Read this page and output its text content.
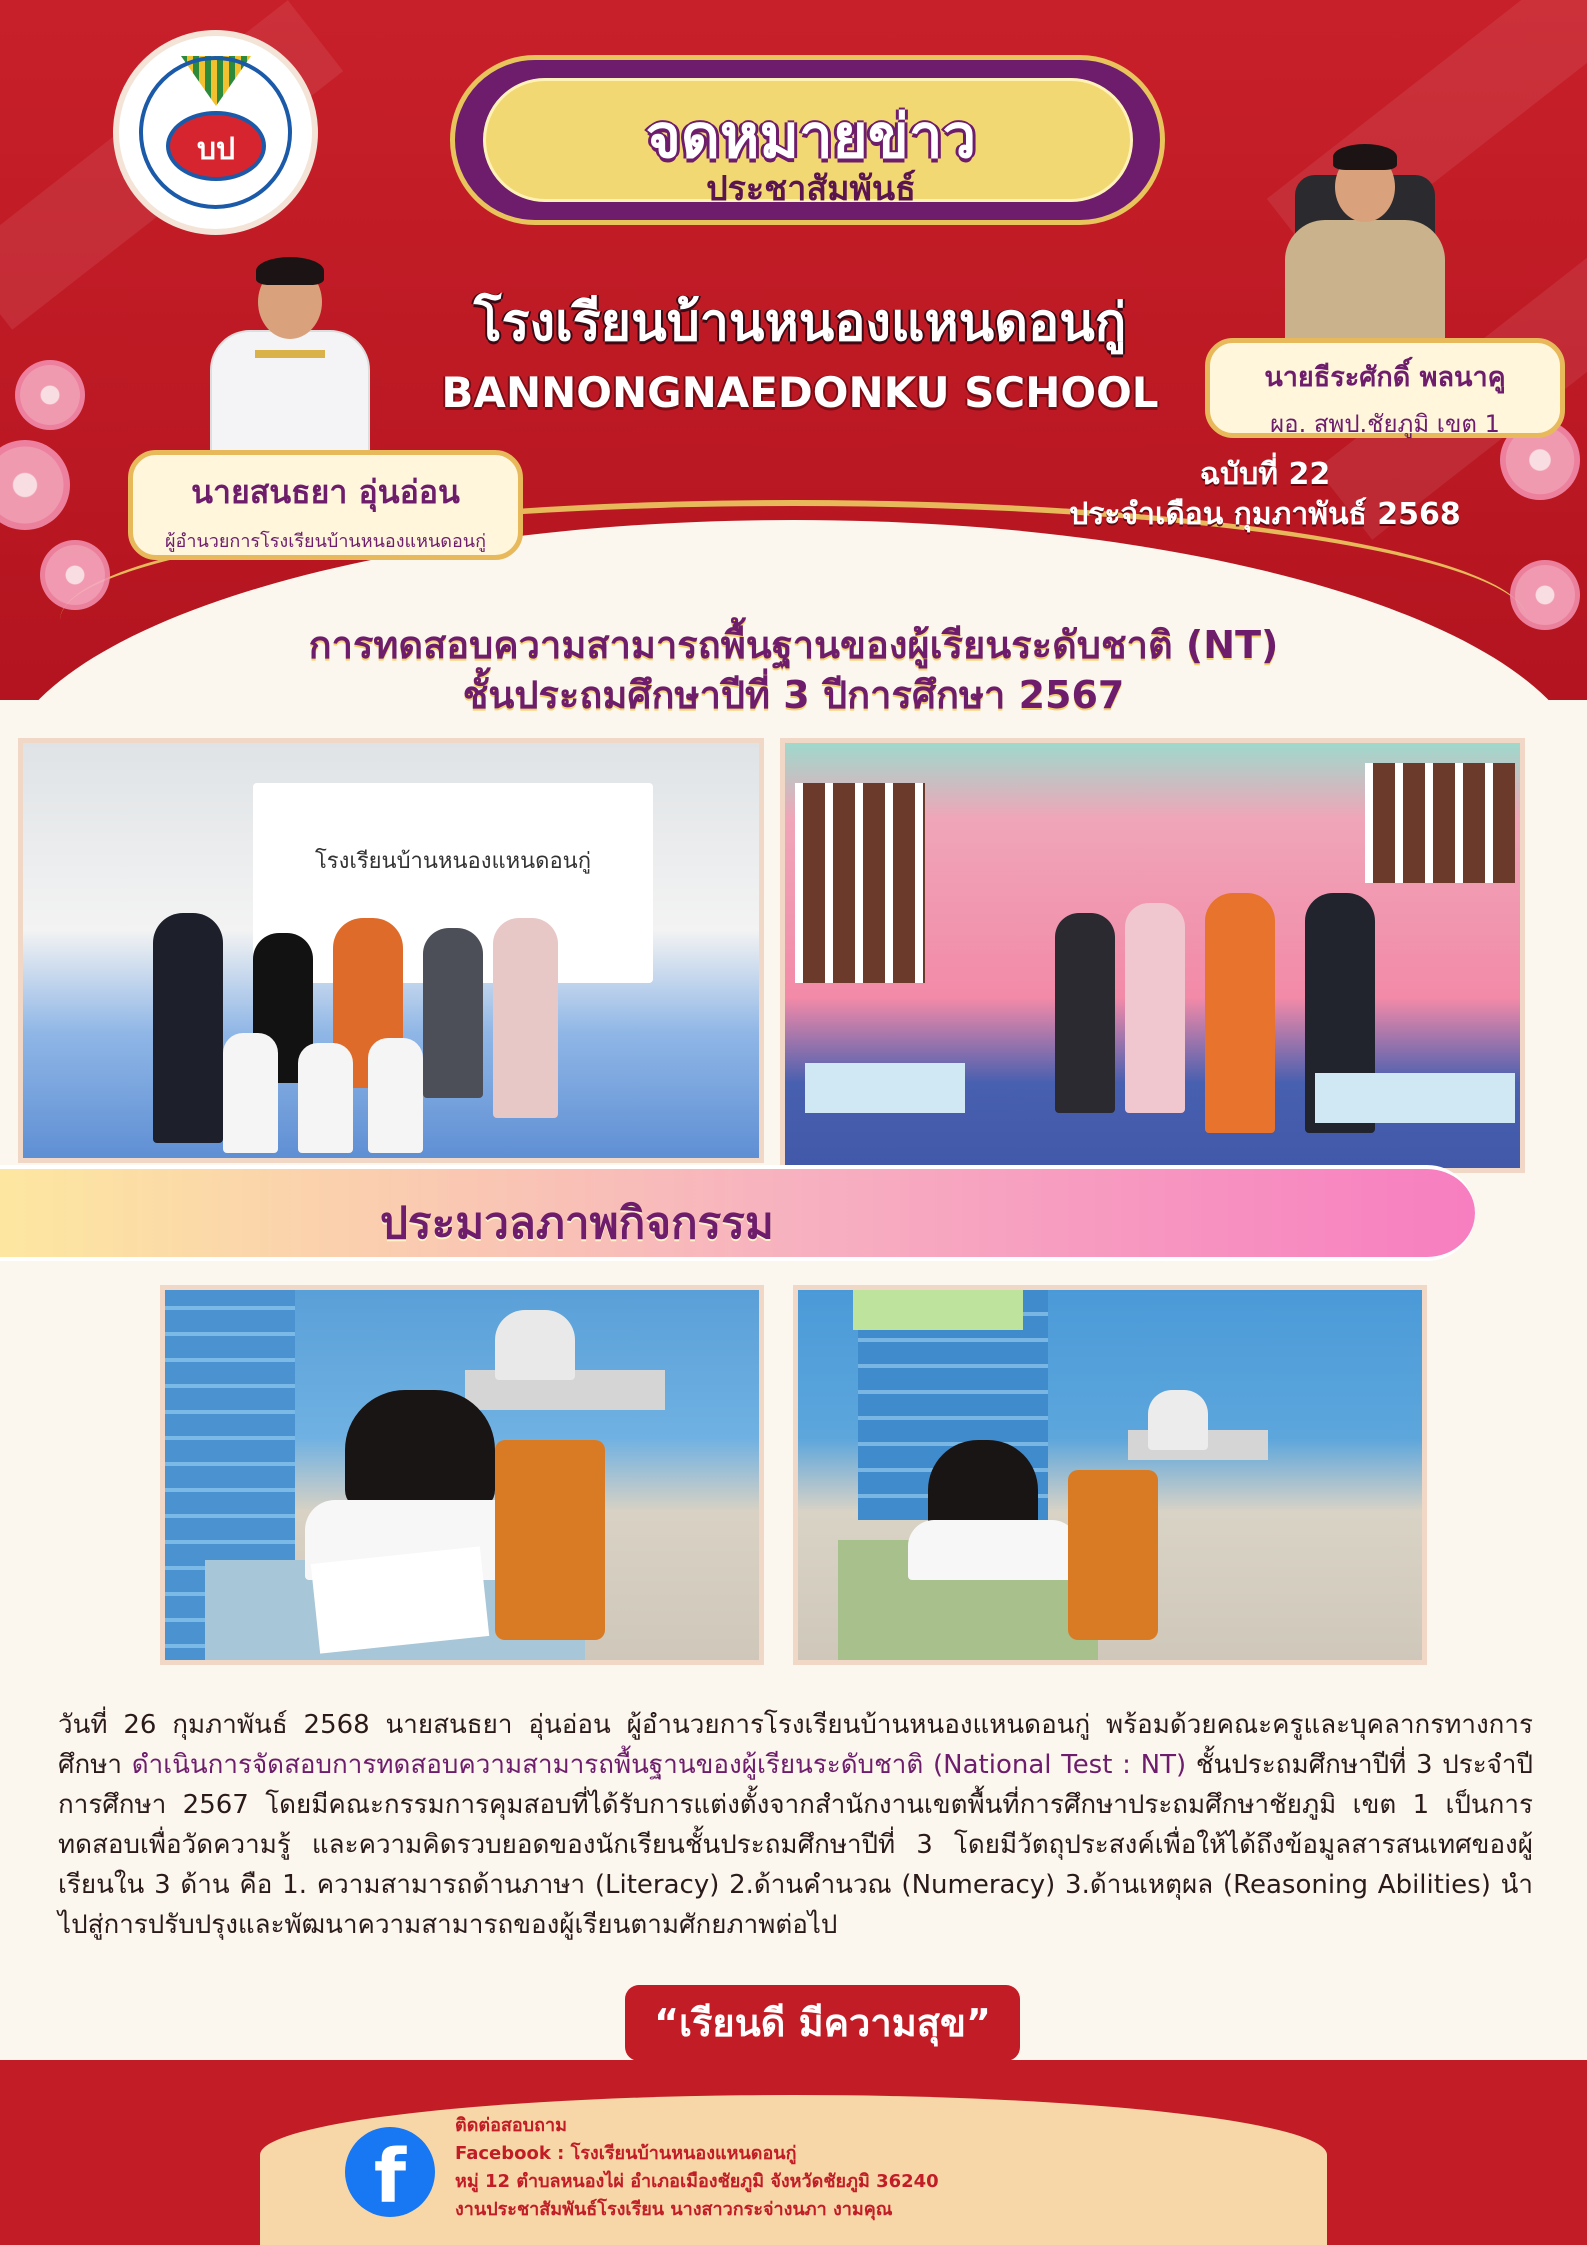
บป	จดหมายข่าว
ประชาสัมพันธ์
โรงเรียนบ้านหนองแหนดอนกู่
BANNONGNAEDONKU SCHOOL
นายสนธยา อุ่นอ่อน
ผู้อำนวยการโรงเรียนบ้านหนองแหนดอนกู่
นายธีระศักดิ์ พลนาคู
ผอ. สพป.ชัยภูมิ เขต 1
ฉบับที่ 22
ประจำเดือน กุมภาพันธ์ 2568
การทดสอบความสามารถพื้นฐานของผู้เรียนระดับชาติ (NT)
ชั้นประถมศึกษาปีที่ 3 ปีการศึกษา 2567
โรงเรียนบ้านหนองแหนดอนกู่
ประมวลภาพกิจกรรม
วันที่ 26 กุมภาพันธ์ 2568 นายสนธยา อุ่นอ่อน ผู้อำนวยการโรงเรียนบ้านหนองแหนดอนกู่ พร้อมด้วยคณะครูและบุคลากรทางการศึกษา ดำเนินการจัดสอบการทดสอบความสามารถพื้นฐานของผู้เรียนระดับชาติ (National Test : NT) ชั้นประถมศึกษาปีที่ 3 ประจำปีการศึกษา 2567 โดยมีคณะกรรมการคุมสอบที่ได้รับการแต่งตั้งจากสำนักงานเขตพื้นที่การศึกษาประถมศึกษาชัยภูมิ เขต 1 เป็นการทดสอบเพื่อวัดความรู้ และความคิดรวบยอดของนักเรียนชั้นประถมศึกษาปีที่ 3 โดยมีวัตถุประสงค์เพื่อให้ได้ถึงข้อมูลสารสนเทศของผู้เรียนใน 3 ด้าน คือ 1. ความสามารถด้านภาษา (Literacy) 2.ด้านคำนวณ (Numeracy) 3.ด้านเหตุผล (Reasoning Abilities) นำไปสู่การปรับปรุงและพัฒนาความสามารถของผู้เรียนตามศักยภาพต่อไป
“เรียนดี มีความสุข”
f
ติดต่อสอบถาม
Facebook : โรงเรียนบ้านหนองแหนดอนกู่
หมู่ 12 ตำบลหนองไผ่ อำเภอเมืองชัยภูมิ จังหวัดชัยภูมิ 36240
งานประชาสัมพันธ์โรงเรียน นางสาวกระจ่างนภา งามคุณ
